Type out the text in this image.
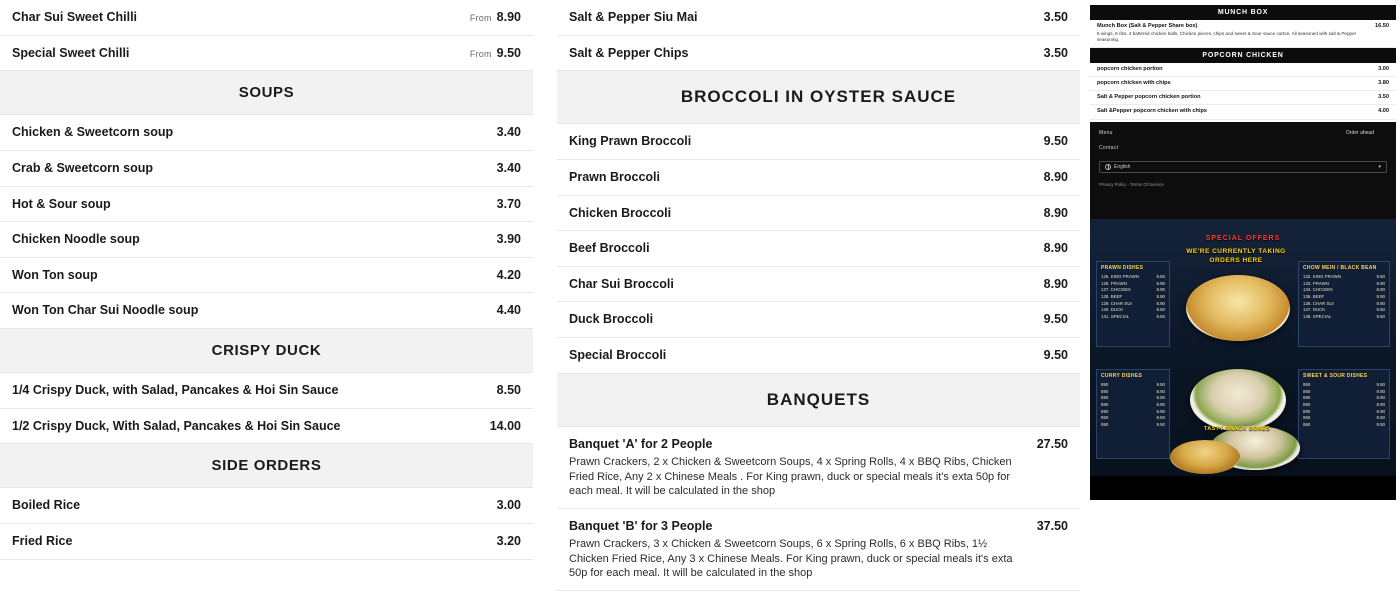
Char Sui Sweet Chilli	From 8.90
Special Sweet Chilli	From 9.50
SOUPS
Chicken & Sweetcorn soup	3.40
Crab & Sweetcorn soup	3.40
Hot & Sour soup	3.70
Chicken Noodle soup	3.90
Won Ton soup	4.20
Won Ton Char Sui Noodle soup	4.40
CRISPY DUCK
1/4 Crispy Duck, with Salad, Pancakes & Hoi Sin Sauce	8.50
1/2 Crispy Duck, With Salad, Pancakes & Hoi Sin Sauce	14.00
SIDE ORDERS
Boiled Rice	3.00
Fried Rice	3.20
Salt & Pepper Siu Mai	3.50
Salt & Pepper Chips	3.50
BROCCOLI IN OYSTER SAUCE
King Prawn Broccoli	9.50
Prawn Broccoli	8.90
Chicken Broccoli	8.90
Beef Broccoli	8.90
Char Sui Broccoli	8.90
Duck Broccoli	9.50
Special Broccoli	9.50
BANQUETS
Banquet 'A' for 2 People
Prawn Crackers, 2 x Chicken & Sweetcorn Soups, 4 x Spring Rolls, 4 x BBQ Ribs, Chicken Fried Rice, Any 2 x Chinese Meals . For King prawn, duck or special meals it's exta 50p for each meal. It will be calculated in the shop
27.50
Banquet 'B' for 3 People
Prawn Crackers, 3 x Chicken & Sweetcorn Soups, 6 x Spring Rolls, 6 x BBQ Ribs, 1½ Chicken Fried Rice, Any 3 x Chinese Meals. For King prawn, duck or special meals it's exta 50p for each meal. It will be calculated in the shop
37.50
MUNCH BOX
Munch Box (Salt & Pepper Share box)
5 wings, 6 ribs, 4 battered chicken balls, Chicken pieces, chips and sweet & Sour sauce carton. All seasoned with salt & Pepper seasoning.
16.50
POPCORN CHICKEN
popcorn chicken portion	3.00
popcorn chicken with chips	3.80
Salt & Pepper popcorn chicken portion	3.50
Salt &Pepper popcorn chicken with chips	4.00
Menu	Order ahead
Contact
English	▾
Privacy Policy - Terms Of Service
SPECIAL OFFERS
WE'RE CURRENTLY TAKING ORDERS HERE
PRAWN DISHES
125. KING PRAWN	9.50
126. PRAWN	8.90
127. CHICKEN	8.90
128. BEEF	8.90
129. CHAR SUI	8.90
130. DUCK	9.50
131. SPECIAL	9.50
CURRY DISHES
950	9.50
890	8.90
890	8.90
890	8.90
890	8.90
950	9.50
950	9.50
CHOW MEIN / BLACK BEAN
132. KING PRAWN	9.50
133. PRAWN	8.90
134. CHICKEN	8.90
135. BEEF	8.90
136. CHAR SUI	8.90
137. DUCK	9.50
138. SPECIAL	9.50
SWEET & SOUR DISHES
950	9.50
890	8.90
890	8.90
890	8.90
890	8.90
950	9.50
950	9.50
TASTY SNACK BOXES
